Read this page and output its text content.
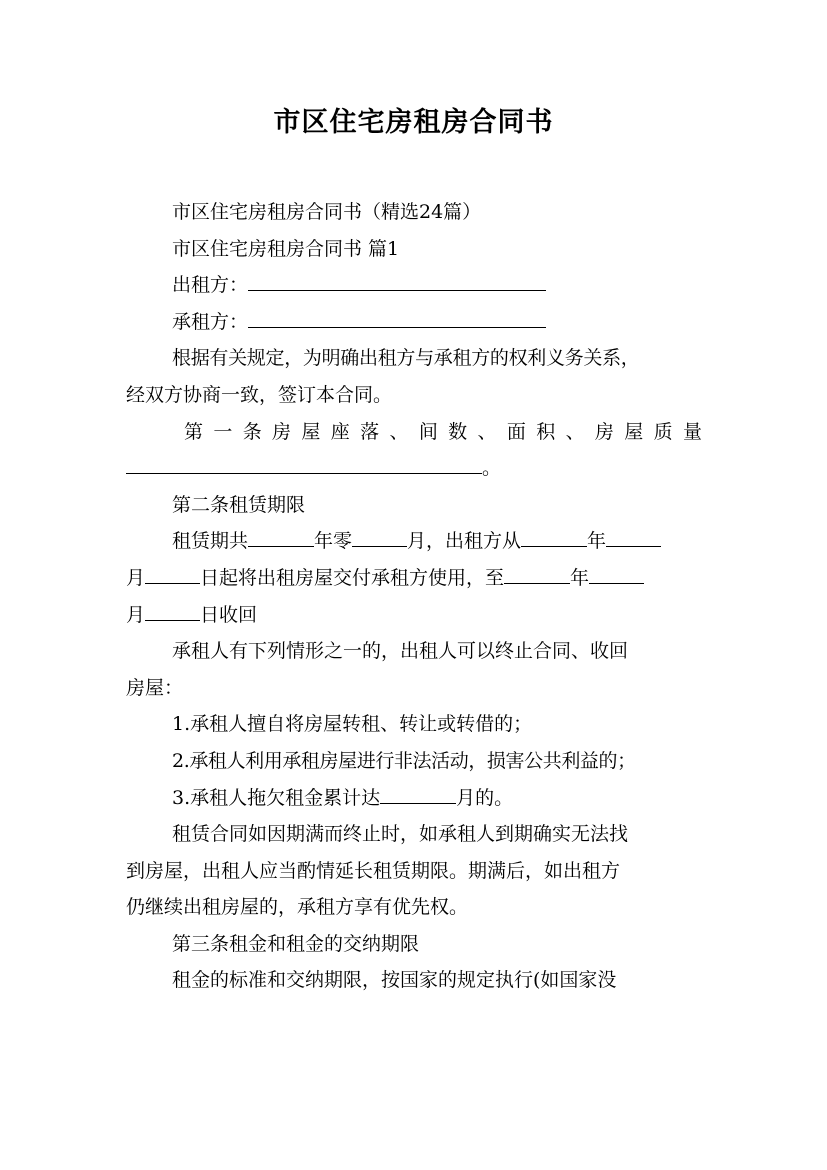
市区住宅房租房合同书
市区住宅房租房合同书（精选24篇）
市区住宅房租房合同书 篇1
出租方：
承租方：
根据有关规定，为明确出租方与承租方的权利义务关系，
经双方协商一致，签订本合同。
第一条房屋座落、间数、面积、房屋质量
。
第二条租赁期限
租赁期共	年零	月，出租方从	年
月	日起将出租房屋交付承租方使用，至	年
月	日收回
承租人有下列情形之一的，出租人可以终止合同、收回
房屋：
1.承租人擅自将房屋转租、转让或转借的；
2.承租人利用承租房屋进行非法活动，损害公共利益的；
3.承租人拖欠租金累计达	月的。
租赁合同如因期满而终止时，如承租人到期确实无法找
到房屋，出租人应当酌情延长租赁期限。期满后，如出租方
仍继续出租房屋的，承租方享有优先权。
第三条租金和租金的交纳期限
租金的标准和交纳期限，按国家的规定执行(如国家没
